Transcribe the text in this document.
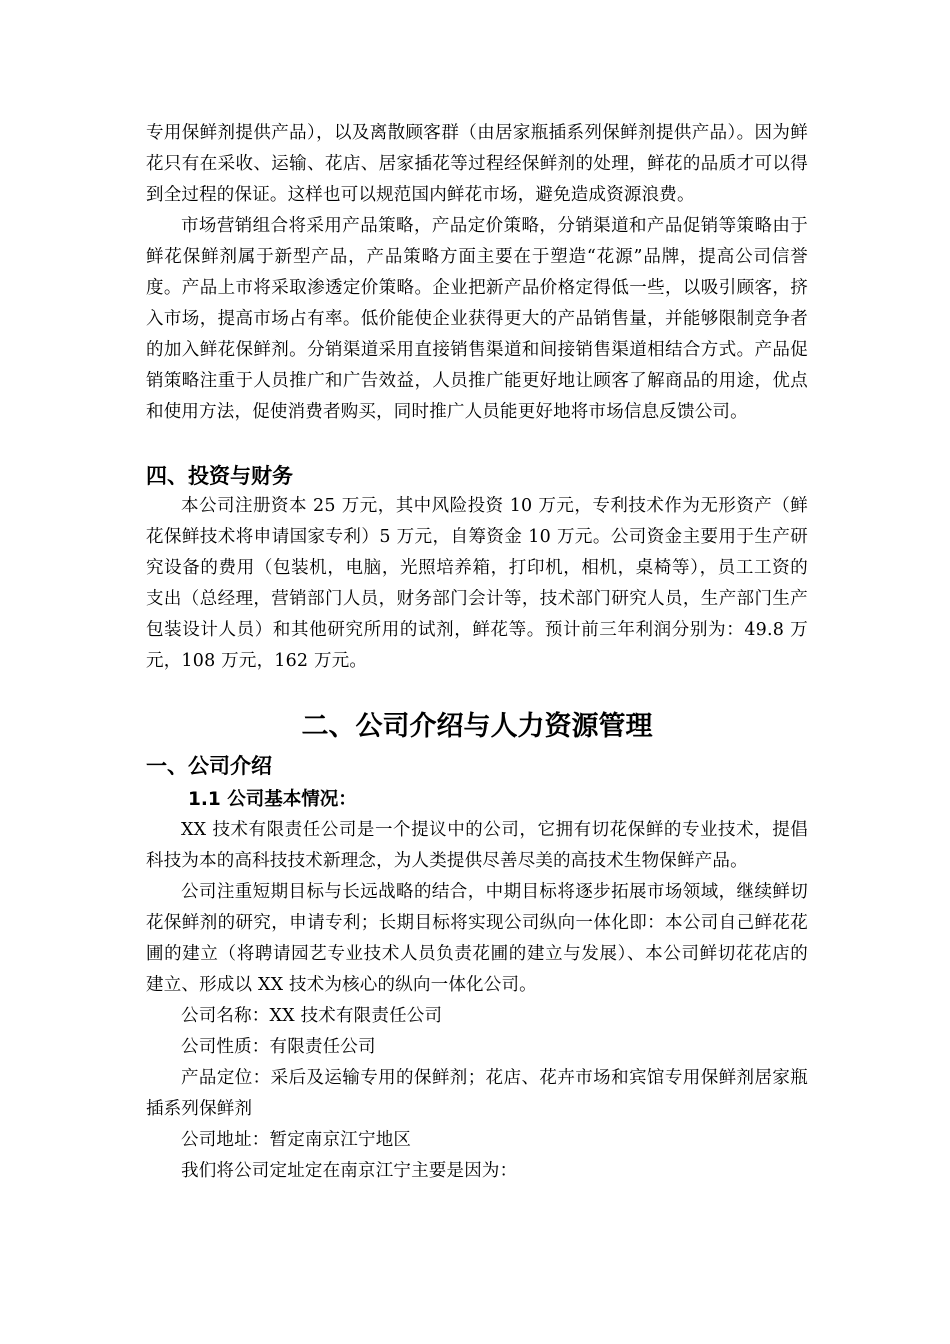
专用保鲜剂提供产品），以及离散顾客群（由居家瓶插系列保鲜剂提供产品）。因为鲜花只有在采收、运输、花店、居家插花等过程经保鲜剂的处理，鲜花的品质才可以得到全过程的保证。这样也可以规范国内鲜花市场，避免造成资源浪费。

市场营销组合将采用产品策略，产品定价策略，分销渠道和产品促销等策略由于鲜花保鲜剂属于新型产品，产品策略方面主要在于塑造“花源”品牌，提高公司信誉度。产品上市将采取渗透定价策略。企业把新产品价格定得低一些，以吸引顾客，挤入市场，提高市场占有率。低价能使企业获得更大的产品销售量，并能够限制竞争者的加入鲜花保鲜剂。分销渠道采用直接销售渠道和间接销售渠道相结合方式。产品促销策略注重于人员推广和广告效益，人员推广能更好地让顾客了解商品的用途，优点和使用方法，促使消费者购买，同时推广人员能更好地将市场信息反馈公司。

四、投资与财务

本公司注册资本 25 万元，其中风险投资 10 万元，专利技术作为无形资产（鲜花保鲜技术将申请国家专利）5 万元，自筹资金 10 万元。公司资金主要用于生产研究设备的费用（包装机，电脑，光照培养箱，打印机，相机，桌椅等），员工工资的支出（总经理，营销部门人员，财务部门会计等，技术部门研究人员，生产部门生产包装设计人员）和其他研究所用的试剂，鲜花等。预计前三年利润分别为：49.8 万元，108 万元，162 万元。

二、公司介绍与人力资源管理
一、公司介绍
1.1 公司基本情况：

XX 技术有限责任公司是一个提议中的公司，它拥有切花保鲜的专业技术，提倡科技为本的高科技技术新理念，为人类提供尽善尽美的高技术生物保鲜产品。

公司注重短期目标与长远战略的结合，中期目标将逐步拓展市场领域，继续鲜切花保鲜剂的研究，申请专利；长期目标将实现公司纵向一体化即：本公司自己鲜花花圃的建立（将聘请园艺专业技术人员负责花圃的建立与发展）、本公司鲜切花花店的建立、形成以 XX 技术为核心的纵向一体化公司。

公司名称：XX 技术有限责任公司

公司性质：有限责任公司

产品定位：采后及运输专用的保鲜剂；花店、花卉市场和宾馆专用保鲜剂居家瓶插系列保鲜剂

公司地址：暂定南京江宁地区

我们将公司定址定在南京江宁主要是因为：
